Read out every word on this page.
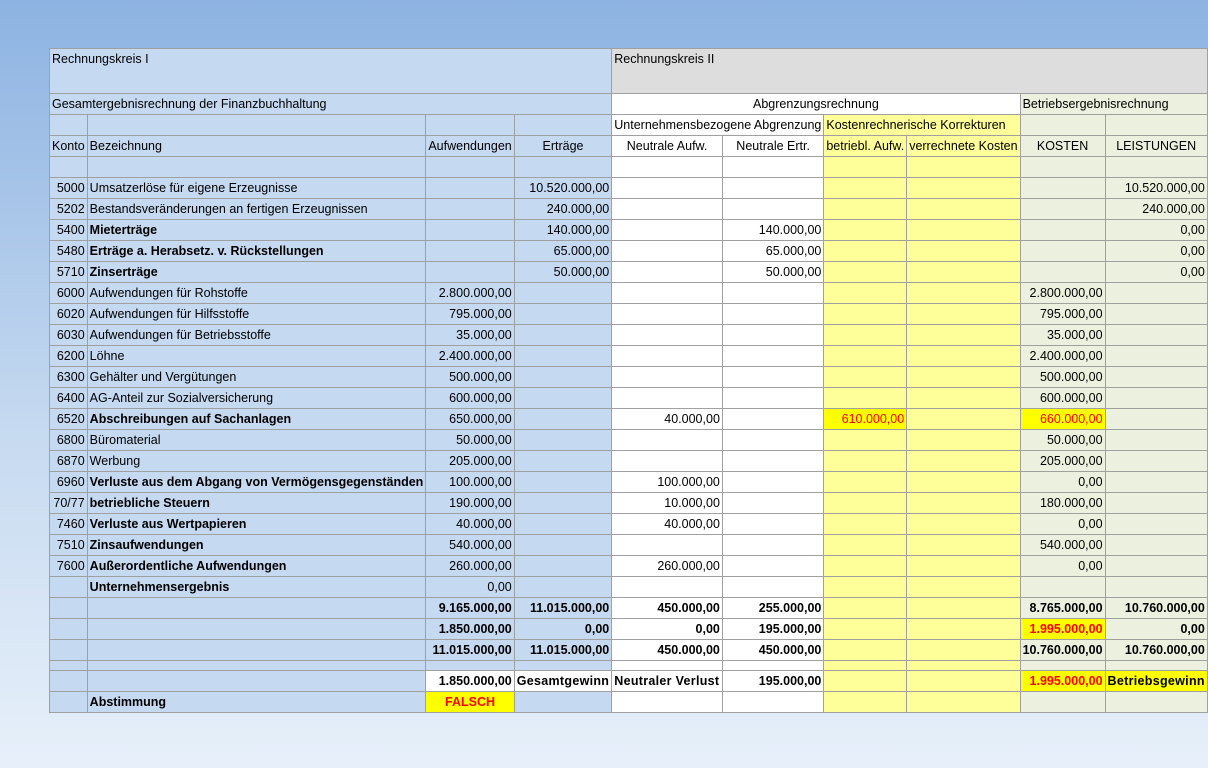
Rechnungskreis I				Rechnungskreis II					
Gesamtergebnisrechnung der Finanzbuchhaltung				Abgrenzungsrechnung				Betriebsergebnisrechnung	
				Unternehmensbezogene Abgrenzung		Kostenrechnerische Korrekturen			
Konto	Bezeichnung	Aufwendungen	Erträge	Neutrale Aufw.	Neutrale Ertr.	betriebl. Aufw.	verrechnete Kosten	KOSTEN	LEISTUNGEN

5000	Umsatzerlöse für eigene Erzeugnisse		10.520.000,00						10.520.000,00
5202	Bestandsveränderungen an fertigen Erzeugnissen		240.000,00						240.000,00
5400	Mieterträge		140.000,00		140.000,00				0,00
5480	Erträge a. Herabsetz. v. Rückstellungen		65.000,00		65.000,00				0,00
5710	Zinserträge		50.000,00		50.000,00				0,00
6000	Aufwendungen für Rohstoffe	2.800.000,00						2.800.000,00	
6020	Aufwendungen für Hilfsstoffe	795.000,00						795.000,00	
6030	Aufwendungen für Betriebsstoffe	35.000,00						35.000,00	
6200	Löhne	2.400.000,00						2.400.000,00	
6300	Gehälter und Vergütungen	500.000,00						500.000,00	
6400	AG-Anteil zur Sozialversicherung	600.000,00						600.000,00	
6520	Abschreibungen auf Sachanlagen	650.000,00		40.000,00		610.000,00		660.000,00	
6800	Büromaterial	50.000,00						50.000,00	
6870	Werbung	205.000,00						205.000,00	
6960	Verluste aus dem Abgang von Vermögensgegenständen	100.000,00		100.000,00				0,00	
70/77	betriebliche Steuern	190.000,00		10.000,00				180.000,00	
7460	Verluste aus Wertpapieren	40.000,00		40.000,00				0,00	
7510	Zinsaufwendungen	540.000,00						540.000,00	
7600	Außerordentliche Aufwendungen	260.000,00		260.000,00				0,00	
	Unternehmensergebnis	0,00							
		9.165.000,00	11.015.000,00	450.000,00	255.000,00			8.765.000,00	10.760.000,00
		1.850.000,00	0,00	0,00	195.000,00			1.995.000,00	0,00
		11.015.000,00	11.015.000,00	450.000,00	450.000,00			10.760.000,00	10.760.000,00

		1.850.000,00	Gesamtgewinn	Neutraler Verlust	195.000,00			1.995.000,00	Betriebsgewinn
	Abstimmung	FALSCH							
